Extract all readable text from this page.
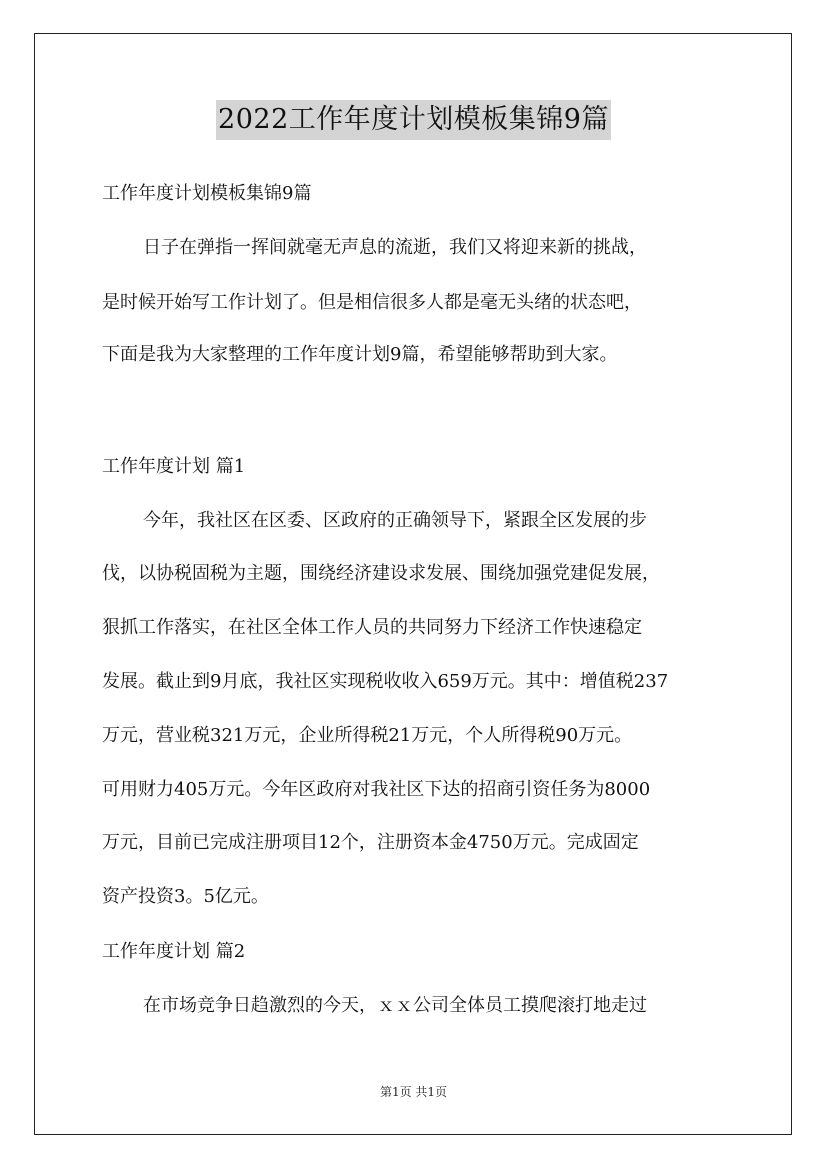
2022工作年度计划模板集锦9篇
工作年度计划模板集锦9篇
日子在弹指一挥间就毫无声息的流逝，我们又将迎来新的挑战，
是时候开始写工作计划了。但是相信很多人都是毫无头绪的状态吧，
下面是我为大家整理的工作年度计划9篇，希望能够帮助到大家。
工作年度计划 篇1
今年，我社区在区委、区政府的正确领导下，紧跟全区发展的步
伐，以协税固税为主题，围绕经济建设求发展、围绕加强党建促发展，
狠抓工作落实，在社区全体工作人员的共同努力下经济工作快速稳定
发展。截止到9月底，我社区实现税收收入659万元。其中：增值税237
万元，营业税321万元，企业所得税21万元，个人所得税90万元。
可用财力405万元。今年区政府对我社区下达的招商引资任务为8000
万元，目前已完成注册项目12个，注册资本金4750万元。完成固定
资产投资3。5亿元。
工作年度计划 篇2
在市场竞争日趋激烈的今天，ｘｘ公司全体员工摸爬滚打地走过
第1页 共1页
